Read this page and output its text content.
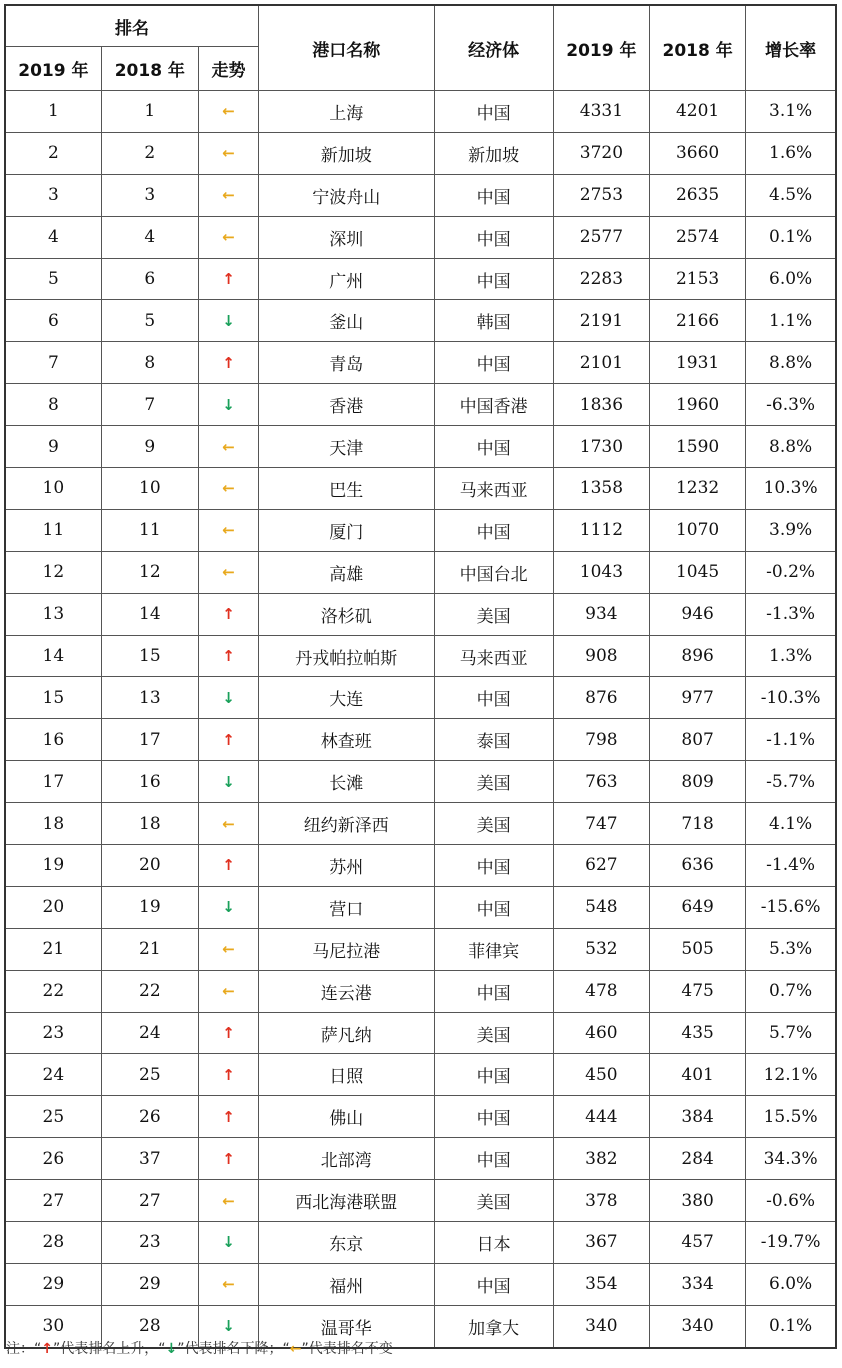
排名			港口名称	经济体	2019 年	2018 年	增长率
2019 年	2018 年	走势					
1	1	←	上海	中国	4331	4201	3.1%
2	2	←	新加坡	新加坡	3720	3660	1.6%
3	3	←	宁波舟山	中国	2753	2635	4.5%
4	4	←	深圳	中国	2577	2574	0.1%
5	6	↑	广州	中国	2283	2153	6.0%
6	5	↓	釜山	韩国	2191	2166	1.1%
7	8	↑	青岛	中国	2101	1931	8.8%
8	7	↓	香港	中国香港	1836	1960	-6.3%
9	9	←	天津	中国	1730	1590	8.8%
10	10	←	巴生	马来西亚	1358	1232	10.3%
11	11	←	厦门	中国	1112	1070	3.9%
12	12	←	高雄	中国台北	1043	1045	-0.2%
13	14	↑	洛杉矶	美国	934	946	-1.3%
14	15	↑	丹戎帕拉帕斯	马来西亚	908	896	1.3%
15	13	↓	大连	中国	876	977	-10.3%
16	17	↑	林查班	泰国	798	807	-1.1%
17	16	↓	长滩	美国	763	809	-5.7%
18	18	←	纽约新泽西	美国	747	718	4.1%
19	20	↑	苏州	中国	627	636	-1.4%
20	19	↓	营口	中国	548	649	-15.6%
21	21	←	马尼拉港	菲律宾	532	505	5.3%
22	22	←	连云港	中国	478	475	0.7%
23	24	↑	萨凡纳	美国	460	435	5.7%
24	25	↑	日照	中国	450	401	12.1%
25	26	↑	佛山	中国	444	384	15.5%
26	37	↑	北部湾	中国	382	284	34.3%
27	27	←	西北海港联盟	美国	378	380	-0.6%
28	23	↓	东京	日本	367	457	-19.7%
29	29	←	福州	中国	354	334	6.0%
30	28	↓	温哥华	加拿大	340	340	0.1%
注：“↑”代表排名上升，“↓”代表排名下降；“←”代表排名不变
